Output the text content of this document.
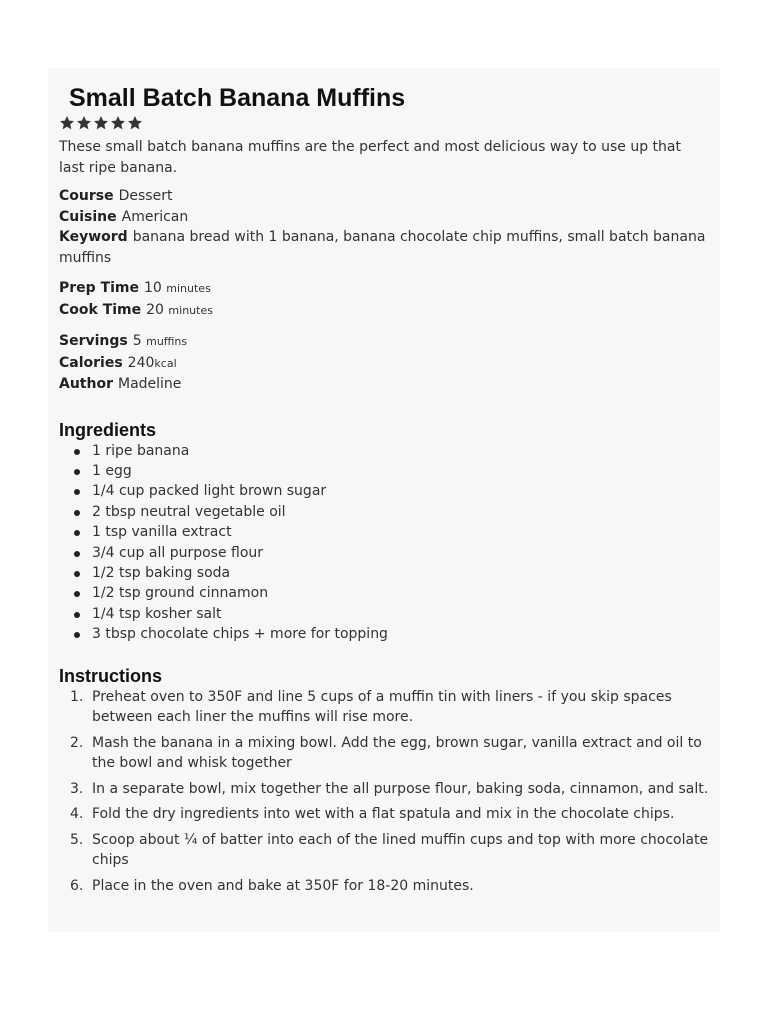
Small Batch Banana Muffins
These small batch banana muffins are the perfect and most delicious way to use up that last ripe banana.
Course Dessert
Cuisine American
Keyword banana bread with 1 banana, banana chocolate chip muffins, small batch banana muffins
Prep Time 10 minutes
Cook Time 20 minutes
Servings 5 muffins
Calories 240kcal
Author Madeline
Ingredients
1 ripe banana
1 egg
1/4 cup packed light brown sugar
2 tbsp neutral vegetable oil
1 tsp vanilla extract
3/4 cup all purpose flour
1/2 tsp baking soda
1/2 tsp ground cinnamon
1/4 tsp kosher salt
3 tbsp chocolate chips + more for topping
Instructions
1. Preheat oven to 350F and line 5 cups of a muffin tin with liners - if you skip spaces between each liner the muffins will rise more.
2. Mash the banana in a mixing bowl. Add the egg, brown sugar, vanilla extract and oil to the bowl and whisk together
3. In a separate bowl, mix together the all purpose flour, baking soda, cinnamon, and salt.
4. Fold the dry ingredients into wet with a flat spatula and mix in the chocolate chips.
5. Scoop about ¼ of batter into each of the lined muffin cups and top with more chocolate chips
6. Place in the oven and bake at 350F for 18-20 minutes.
